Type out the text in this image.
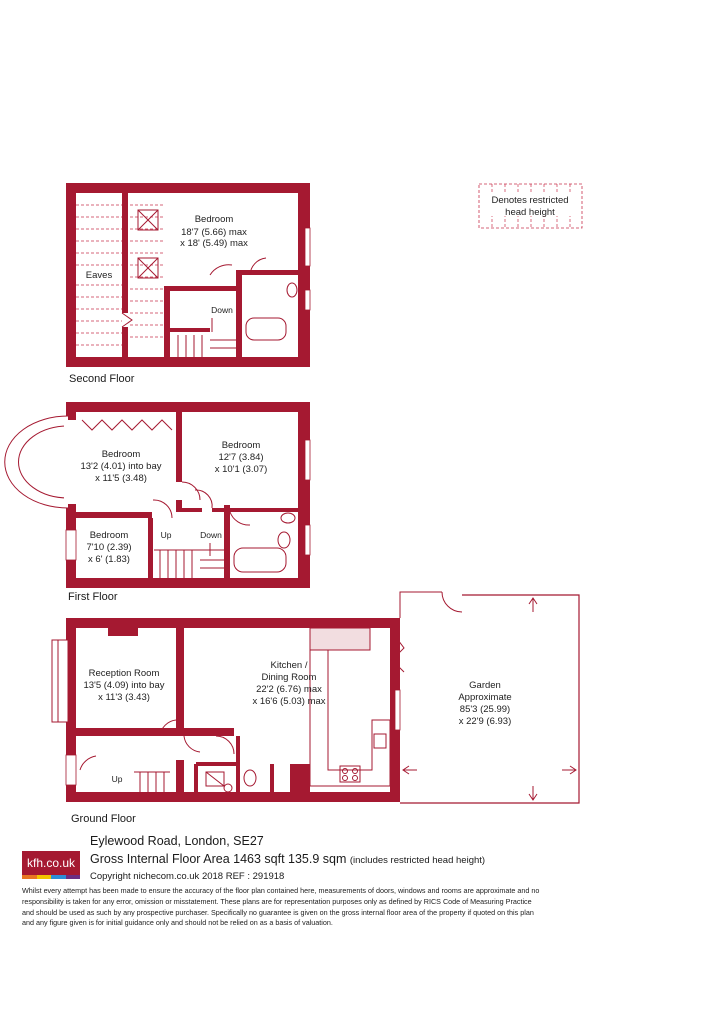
Denotes restricted
head height
Bedroom
18'7 (5.66) max
x 18' (5.49) max
Eaves
Down
Second Floor
Bedroom
13'2 (4.01) into bay
x 11'5 (3.48)
Bedroom
12'7 (3.84)
x 10'1 (3.07)
Bedroom
7'10 (2.39)
x 6' (1.83)
Up	Down
First Floor
Reception Room
13'5 (4.09) into bay
x 11'3 (3.43)
Kitchen /
Dining Room
22'2 (6.76) max
x 16'6 (5.03) max
Garden
Approximate
85'3 (25.99)
x 22'9 (6.93)
Up
Ground Floor
kfh.co.uk
Eylewood Road, London, SE27
Gross Internal Floor Area 1463 sqft 135.9 sqm (includes restricted head height)
Copyright nichecom.co.uk 2018 REF : 291918
Whilst every attempt has been made to ensure the accuracy of the floor plan contained here, measurements of doors, windows and rooms are approximate and no responsibility is taken for any error, omission or misstatement. These plans are for representation purposes only as defined by RICS Code of Measuring Practice and should be used as such by any prospective purchaser. Specifically no guarantee is given on the gross internal floor area of the property if quoted on this plan and any figure given is for initial guidance only and should not be relied on as a basis of valuation.
